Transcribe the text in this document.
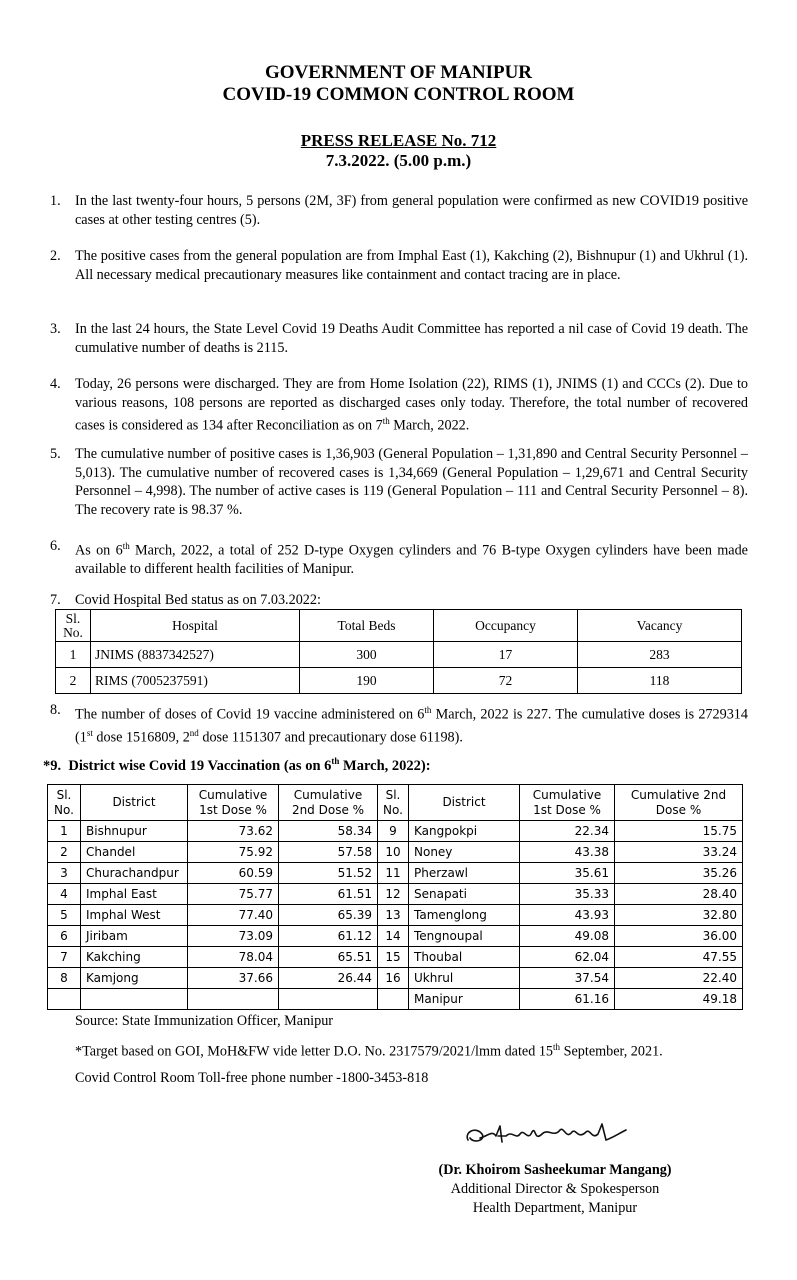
GOVERNMENT OF MANIPUR
COVID-19 COMMON CONTROL ROOM
PRESS RELEASE No. 712
7.3.2022. (5.00 p.m.)
1. In the last twenty-four hours, 5 persons (2M, 3F) from general population were confirmed as new COVID19 positive cases at other testing centres (5).
2. The positive cases from the general population are from Imphal East (1), Kakching (2), Bishnupur (1) and Ukhrul (1). All necessary medical precautionary measures like containment and contact tracing are in place.
3. In the last 24 hours, the State Level Covid 19 Deaths Audit Committee has reported a nil case of Covid 19 death. The cumulative number of deaths is 2115.
4. Today, 26 persons were discharged. They are from Home Isolation (22), RIMS (1), JNIMS (1) and CCCs (2). Due to various reasons, 108 persons are reported as discharged cases only today. Therefore, the total number of recovered cases is considered as 134 after Reconciliation as on 7th March, 2022.
5. The cumulative number of positive cases is 1,36,903 (General Population – 1,31,890 and Central Security Personnel – 5,013). The cumulative number of recovered cases is 1,34,669 (General Population – 1,29,671 and Central Security Personnel – 4,998). The number of active cases is 119 (General Population – 111 and Central Security Personnel – 8). The recovery rate is 98.37 %.
6. As on 6th March, 2022, a total of 252 D-type Oxygen cylinders and 76 B-type Oxygen cylinders have been made available to different health facilities of Manipur.
7. Covid Hospital Bed status as on 7.03.2022:
Sl. No.	Hospital	Total Beds	Occupancy	Vacancy
1	JNIMS (8837342527)	300	17	283
2	RIMS (7005237591)	190	72	118
8. The number of doses of Covid 19 vaccine administered on 6th March, 2022 is 227. The cumulative doses is 2729314 (1st dose 1516809, 2nd dose 1151307 and precautionary dose 61198).
*9.  District wise Covid 19 Vaccination (as on 6th March, 2022):
Sl. No.	District	Cumulative 1st Dose %	Cumulative 2nd Dose %	Sl. No.	District	Cumulative 1st Dose %	Cumulative 2nd Dose %
1	Bishnupur	73.62	58.34	9	Kangpokpi	22.34	15.75
2	Chandel	75.92	57.58	10	Noney	43.38	33.24
3	Churachandpur	60.59	51.52	11	Pherzawl	35.61	35.26
4	Imphal East	75.77	61.51	12	Senapati	35.33	28.40
5	Imphal West	77.40	65.39	13	Tamenglong	43.93	32.80
6	Jiribam	73.09	61.12	14	Tengnoupal	49.08	36.00
7	Kakching	78.04	65.51	15	Thoubal	62.04	47.55
8	Kamjong	37.66	26.44	16	Ukhrul	37.54	22.40
					Manipur	61.16	49.18
Source: State Immunization Officer, Manipur
*Target based on GOI, MoH&FW vide letter D.O. No. 2317579/2021/lmm dated 15th September, 2021.
Covid Control Room Toll-free phone number -1800-3453-818
(Dr. Khoirom Sasheekumar Mangang)
Additional Director & Spokesperson
Health Department, Manipur
